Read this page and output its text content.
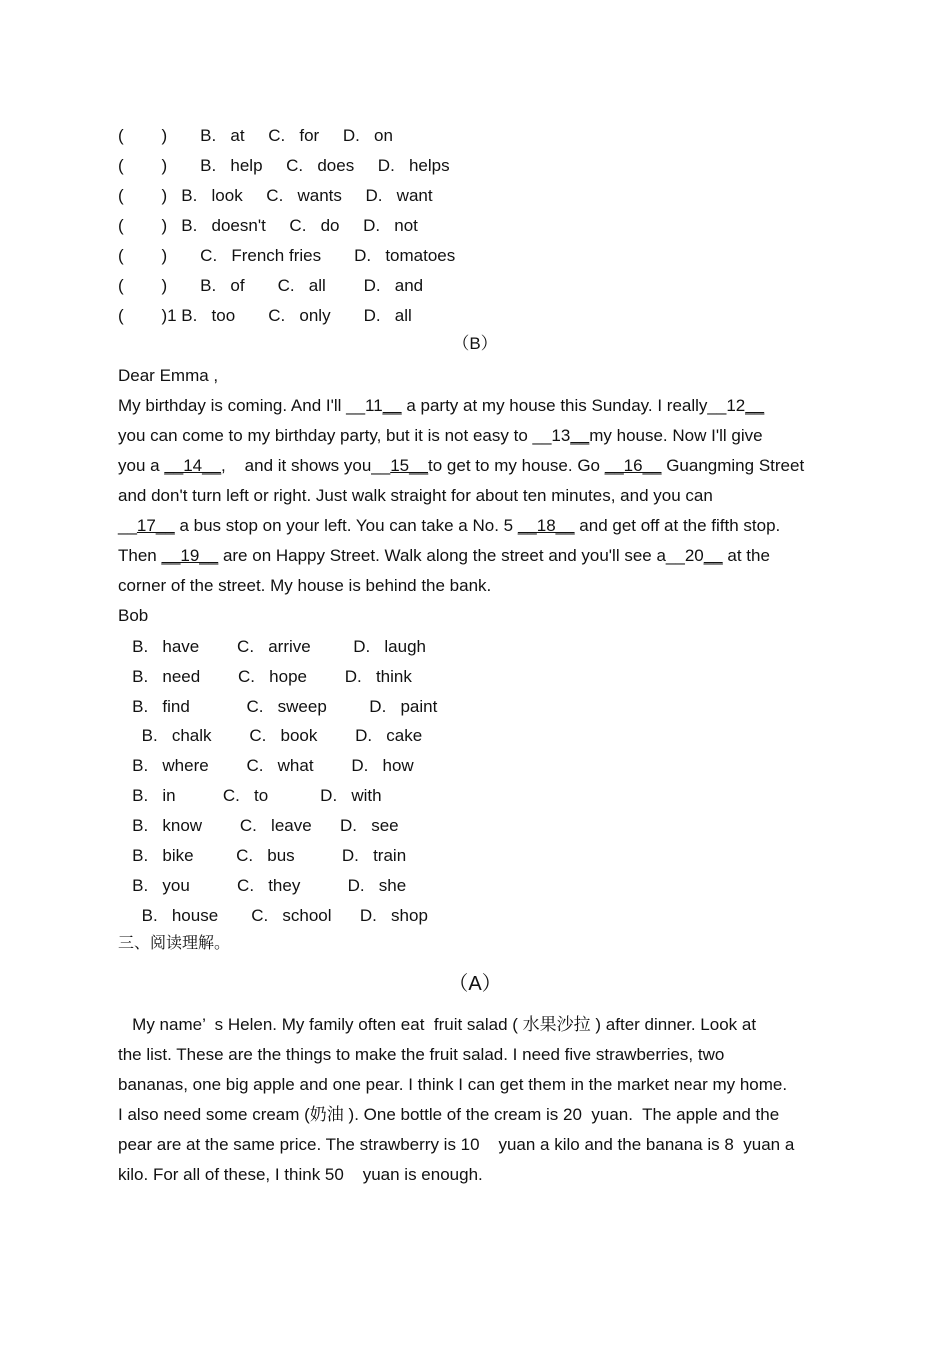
(        )       B.   at     C.   for     D.   on
(        )       B.   help     C.   does     D.   helps
(        )   B.   look     C.   wants     D.   want
(        )   B.   doesn't     C.   do     D.   not
(        )       C.   French fries       D.   tomatoes
(        )       B.   of       C.   all        D.   and
(        )1 B.   too       C.   only       D.   all
（B）
Dear Emma ,
My birthday is coming. And I'll __11__ a party at my house this Sunday. I really__12__
you can come to my birthday party, but it is not easy to __13__my house. Now I'll give
you a __14__,    and it shows you__15__to get to my house. Go __16__ Guangming Street
and don't turn left or right. Just walk straight for about ten minutes, and you can
__17__ a bus stop on your left. You can take a No. 5 __18__ and get off at the fifth stop.
Then __19__ are on Happy Street. Walk along the street and you'll see a__20__ at the
corner of the street. My house is behind the bank.
Bob
B.   have        C.   arrive         D.   laugh
B.   need        C.   hope        D.   think
B.   find            C.   sweep         D.   paint
B.   chalk        C.   book        D.   cake
B.   where        C.   what        D.   how
B.   in          C.   to           D.   with
B.   know        C.   leave      D.   see
B.   bike         C.   bus          D.   train
B.   you          C.   they          D.   she
B.   house       C.   school      D.   shop
三、阅读理解。
（A）
My name’  s Helen. My family often eat  fruit salad ( 水果沙拉 ) after dinner. Look at
the list. These are the things to make the fruit salad. I need five strawberries, two
bananas, one big apple and one pear. I think I can get them in the market near my home.
I also need some cream (奶油 ). One bottle of the cream is 20  yuan.  The apple and the
pear are at the same price. The strawberry is 10    yuan a kilo and the banana is 8  yuan a
kilo. For all of these, I think 50    yuan is enough.
